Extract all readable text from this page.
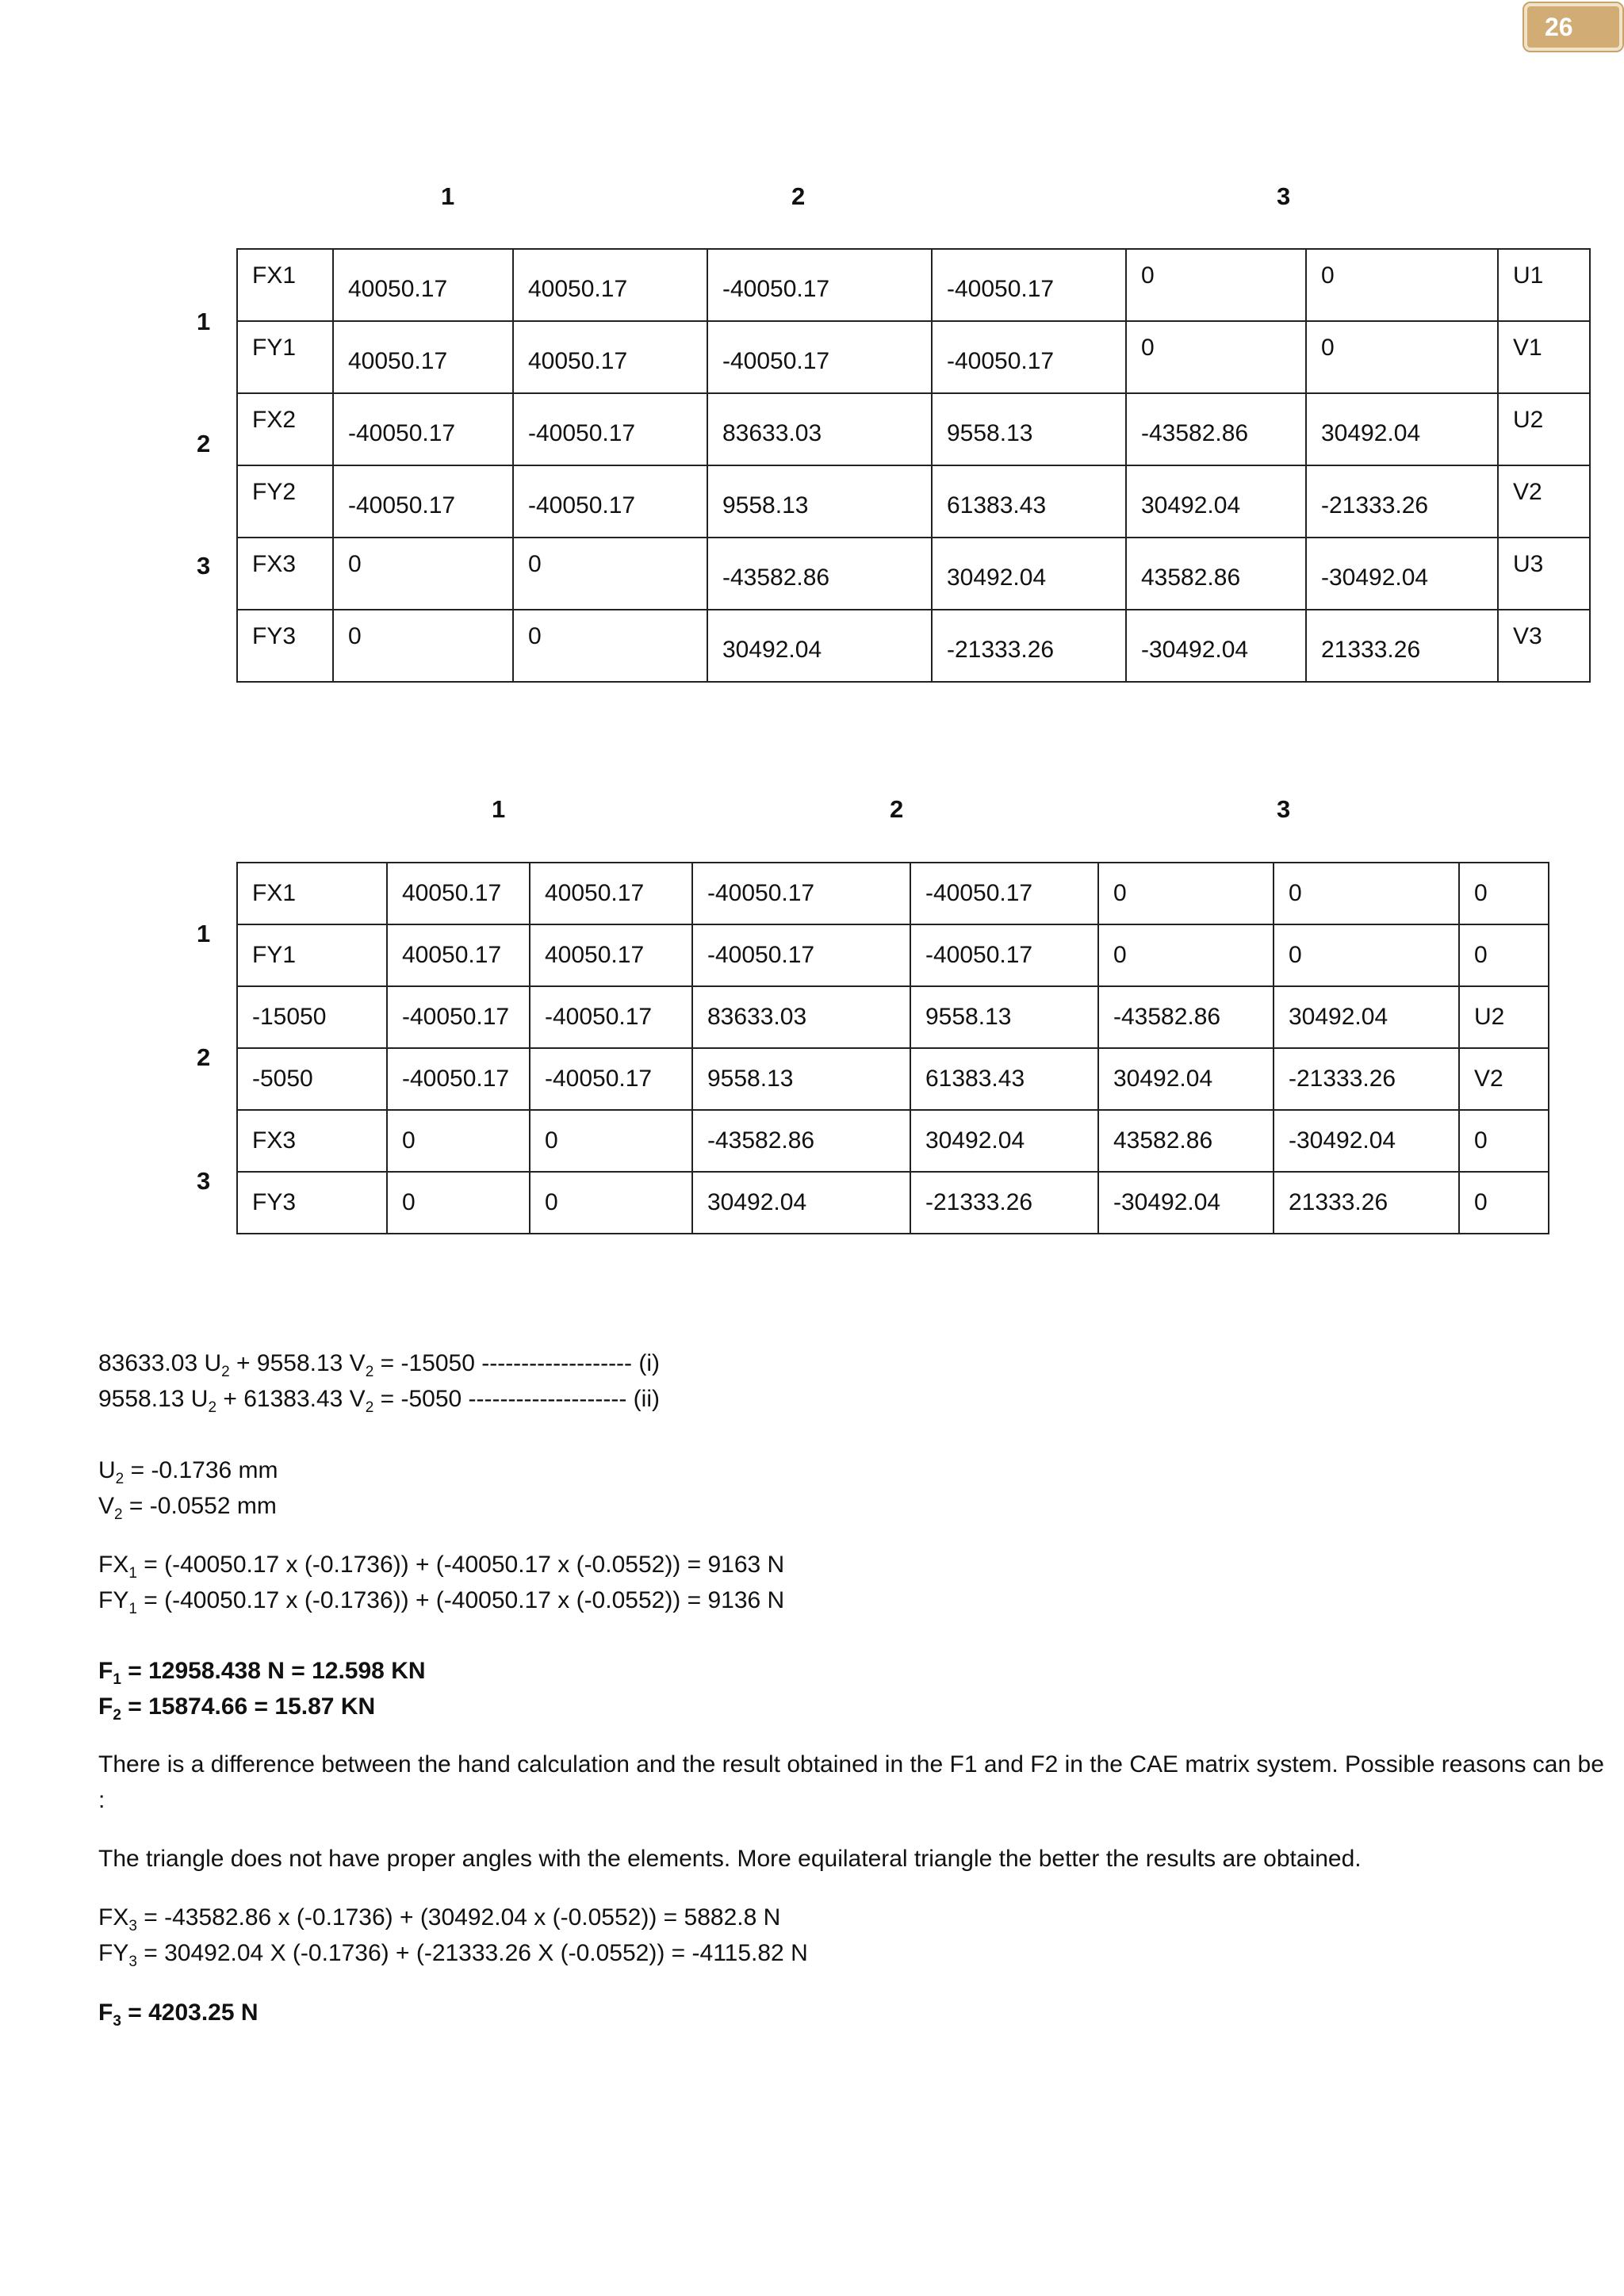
26
1	2	3
1
2
3
FX1	40050.17	40050.17	-40050.17	-40050.17	0	0	U1
FY1	40050.17	40050.17	-40050.17	-40050.17	0	0	V1
FX2	-40050.17	-40050.17	83633.03	9558.13	-43582.86	30492.04	U2
FY2	-40050.17	-40050.17	9558.13	61383.43	30492.04	-21333.26	V2
FX3	0	0	-43582.86	30492.04	43582.86	-30492.04	U3
FY3	0	0	30492.04	-21333.26	-30492.04	21333.26	V3
1	2	3
1
2
3
FX1	40050.17	40050.17	-40050.17	-40050.17	0	0	0
FY1	40050.17	40050.17	-40050.17	-40050.17	0	0	0
-15050	-40050.17	-40050.17	83633.03	9558.13	-43582.86	30492.04	U2
-5050	-40050.17	-40050.17	9558.13	61383.43	30492.04	-21333.26	V2
FX3	0	0	-43582.86	30492.04	43582.86	-30492.04	0
FY3	0	0	30492.04	-21333.26	-30492.04	21333.26	0
83633.03 $U_2 + 9558.13$ $V_2 = -15050$ ------------------- (i)
9558.13 $U_2 + 61383.43$ $V_2 = -5050$ -------------------- (ii)
$U_2 = -0.1736$ mm
$V_2 = -0.0552$ mm
$FX_1 = (-40050.17$ x (-0.1736)) + (-40050.17 x (-0.0552)) = 9163 N
$FY_1 = (-40050.17$ x (-0.1736)) + (-40050.17 x (-0.0552)) = 9136 N
$F_1 = 12958.438$ N = 12.598 KN
$F_2 = 15874.66 = 15.87$ KN
There is a difference between the hand calculation and the result obtained in the F1 and F2 in the CAE matrix system. Possible reasons can be :
The triangle does not have proper angles with the elements. More equilateral triangle the better the results are obtained.
$FX_3 = -43582.86$ x (-0.1736) + (30492.04 x (-0.0552)) = 5882.8 N
$FY_3 = 30492.04$ X (-0.1736) + (-21333.26 X (-0.0552)) = -4115.82 N
$F_3 = 4203.25$ N
